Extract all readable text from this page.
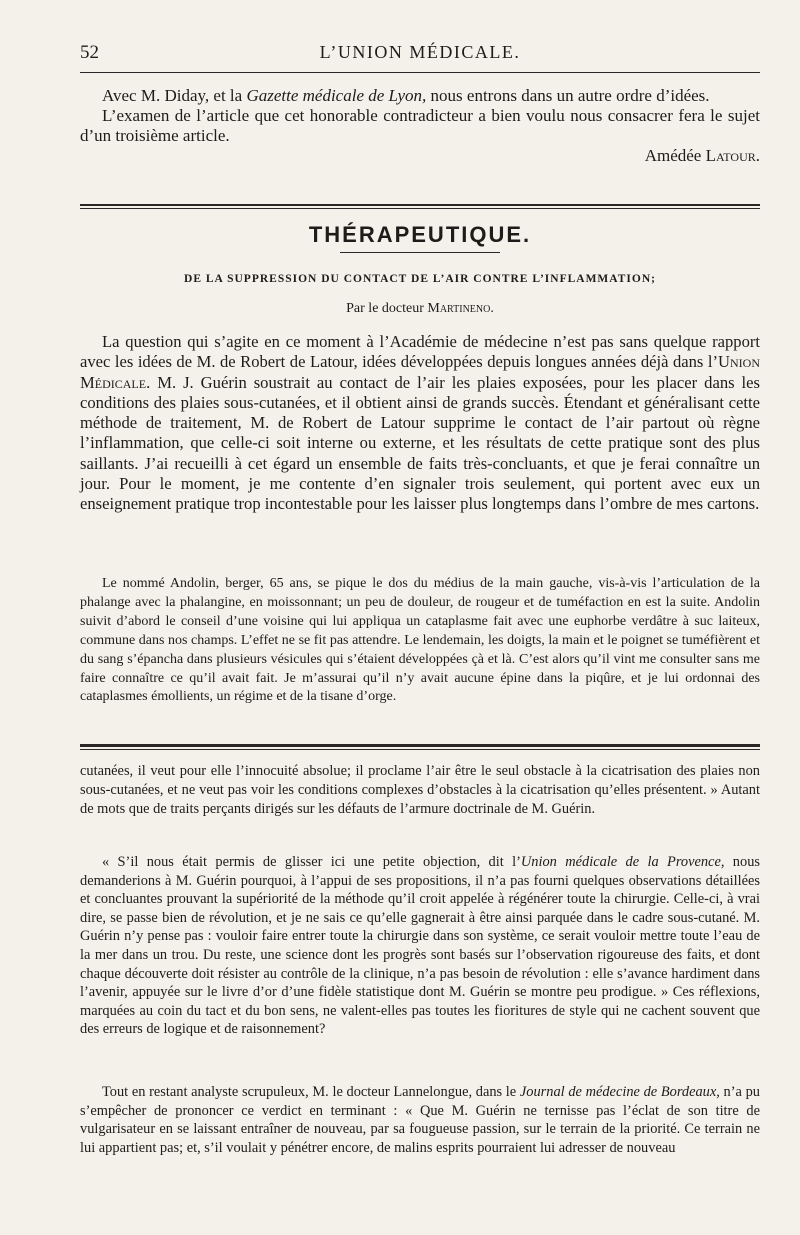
52	L’UNION MÉDICALE.

Avec M. Diday, et la Gazette médicale de Lyon, nous entrons dans un autre ordre d’idées.

L’examen de l’article que cet honorable contradicteur a bien voulu nous consacrer fera le sujet d’un troisième article.

Amédée Latour.

THÉRAPEUTIQUE.
DE LA SUPPRESSION DU CONTACT DE L’AIR CONTRE L’INFLAMMATION;
Par le docteur Martineno.

La question qui s’agite en ce moment à l’Académie de médecine n’est pas sans quelque rapport avec les idées de M. de Robert de Latour, idées développées depuis longues années déjà dans l’Union Médicale. M. J. Guérin soustrait au contact de l’air les plaies exposées, pour les placer dans les conditions des plaies sous-cutanées, et il obtient ainsi de grands succès. Étendant et généralisant cette méthode de traitement, M. de Robert de Latour supprime le contact de l’air partout où règne l’inflammation, que celle-ci soit interne ou externe, et les résultats de cette pratique sont des plus saillants. J’ai recueilli à cet égard un ensemble de faits très-concluants, et que je ferai connaître un jour. Pour le moment, je me contente d’en signaler trois seulement, qui portent avec eux un enseignement pratique trop incontestable pour les laisser plus longtemps dans l’ombre de mes cartons.

Le nommé Andolin, berger, 65 ans, se pique le dos du médius de la main gauche, vis-à-vis l’articulation de la phalange avec la phalangine, en moissonnant; un peu de douleur, de rougeur et de tuméfaction en est la suite. Andolin suivit d’abord le conseil d’une voisine qui lui appliqua un cataplasme fait avec une euphorbe verdâtre à suc laiteux, commune dans nos champs. L’effet ne se fit pas attendre. Le lendemain, les doigts, la main et le poignet se tuméfièrent et du sang s’épancha dans plusieurs vésicules qui s’étaient développées çà et là. C’est alors qu’il vint me consulter sans me faire connaître ce qu’il avait fait. Je m’assurai qu’il n’y avait aucune épine dans la piqûre, et je lui ordonnai des cataplasmes émollients, un régime et de la tisane d’orge.

cutanées, il veut pour elle l’innocuité absolue; il proclame l’air être le seul obstacle à la cicatrisation des plaies non sous-cutanées, et ne veut pas voir les conditions complexes d’obstacles à la cicatrisation qu’elles présentent. » Autant de mots que de traits perçants dirigés sur les défauts de l’armure doctrinale de M. Guérin.

« S’il nous était permis de glisser ici une petite objection, dit l’Union médicale de la Provence, nous demanderions à M. Guérin pourquoi, à l’appui de ses propositions, il n’a pas fourni quelques observations détaillées et concluantes prouvant la supériorité de la méthode qu’il croit appelée à régénérer toute la chirurgie. Celle-ci, à vrai dire, se passe bien de révolution, et je ne sais ce qu’elle gagnerait à être ainsi parquée dans le cadre sous-cutané. M. Guérin n’y pense pas : vouloir faire entrer toute la chirurgie dans son système, ce serait vouloir mettre toute l’eau de la mer dans un trou. Du reste, une science dont les progrès sont basés sur l’observation rigoureuse des faits, et dont chaque découverte doit résister au contrôle de la clinique, n’a pas besoin de révolution : elle s’avance hardiment dans l’avenir, appuyée sur le livre d’or d’une fidèle statistique dont M. Guérin se montre peu prodigue. » Ces réflexions, marquées au coin du tact et du bon sens, ne valent-elles pas toutes les fioritures de style qui ne cachent souvent que des erreurs de logique et de raisonnement?

Tout en restant analyste scrupuleux, M. le docteur Lannelongue, dans le Journal de médecine de Bordeaux, n’a pu s’empêcher de prononcer ce verdict en terminant : « Que M. Guérin ne ternisse pas l’éclat de son titre de vulgarisateur en se laissant entraîner de nouveau, par sa fougueuse passion, sur le terrain de la priorité. Ce terrain ne lui appartient pas; et, s’il voulait y pénétrer encore, de malins esprits pourraient lui adresser de nouveau
